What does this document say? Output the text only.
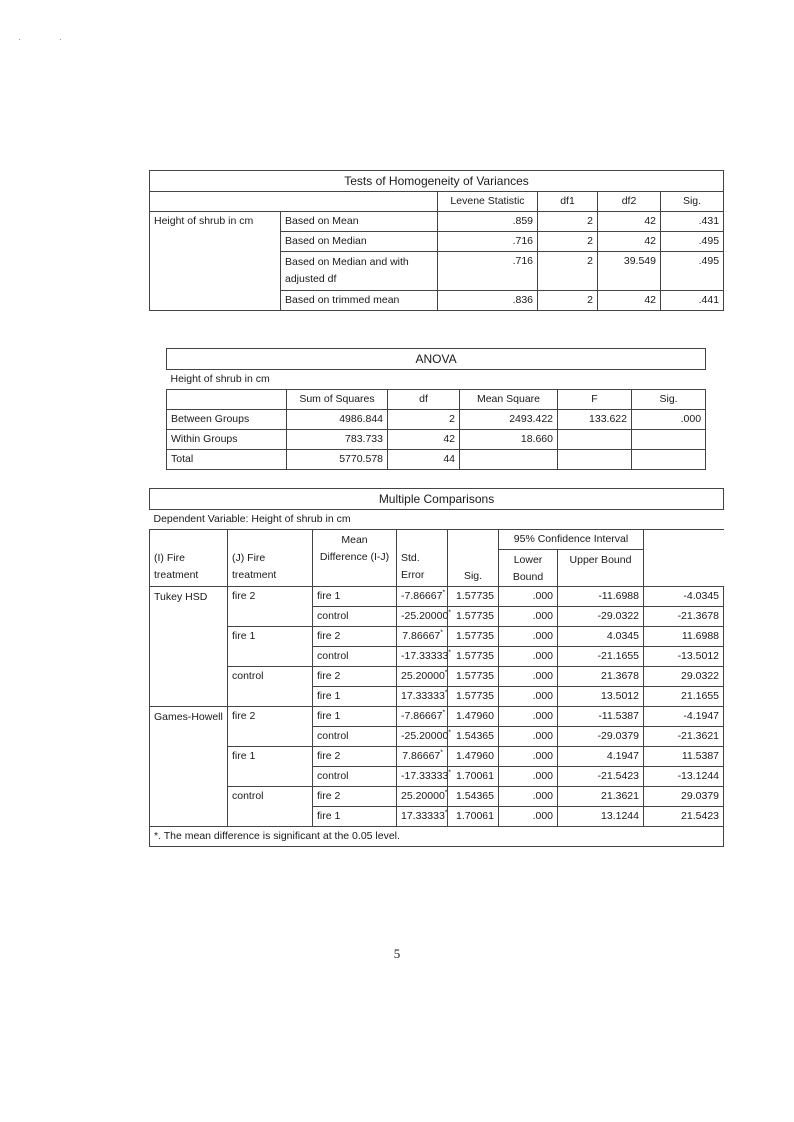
·        ·
Tests of Homogeneity of Variances					
		Levene Statistic	df1	df2	Sig.
Height of shrub in cm	Based on Mean	.859	2	42	.431
	Based on Median	.716	2	42	.495
	Based on Median and with adjusted df	.716	2	39.549	.495
	Based on trimmed mean	.836	2	42	.441
ANOVA					
Height of shrub in cm					
	Sum of Squares	df	Mean Square	F	Sig.
Between Groups	4986.844	2	2493.422	133.622	.000
Within Groups	783.733	42	18.660		
Total	5770.578	44			
Multiple Comparisons							
Dependent Variable: Height of shrub in cm							
(I) Fire treatment	(J) Fire treatment	Mean Difference (I-J)	Std. Error	Sig.	95% Confidence Interval		
					Lower Bound	Upper Bound	

Tukey HSD	fire 2	fire 1	-7.86667*	1.57735	.000	-11.6988	-4.0345
		control	-25.20000*	1.57735	.000	-29.0322	-21.3678
	fire 1	fire 2	7.86667*	1.57735	.000	4.0345	11.6988
		control	-17.33333*	1.57735	.000	-21.1655	-13.5012
	control	fire 2	25.20000*	1.57735	.000	21.3678	29.0322
		fire 1	17.33333*	1.57735	.000	13.5012	21.1655
Games-Howell	fire 2	fire 1	-7.86667*	1.47960	.000	-11.5387	-4.1947
		control	-25.20000*	1.54365	.000	-29.0379	-21.3621
	fire 1	fire 2	7.86667*	1.47960	.000	4.1947	11.5387
		control	-17.33333*	1.70061	.000	-21.5423	-13.1244
	control	fire 2	25.20000*	1.54365	.000	21.3621	29.0379
		fire 1	17.33333*	1.70061	.000	13.1244	21.5423
*. The mean difference is significant at the 0.05 level.							
5
